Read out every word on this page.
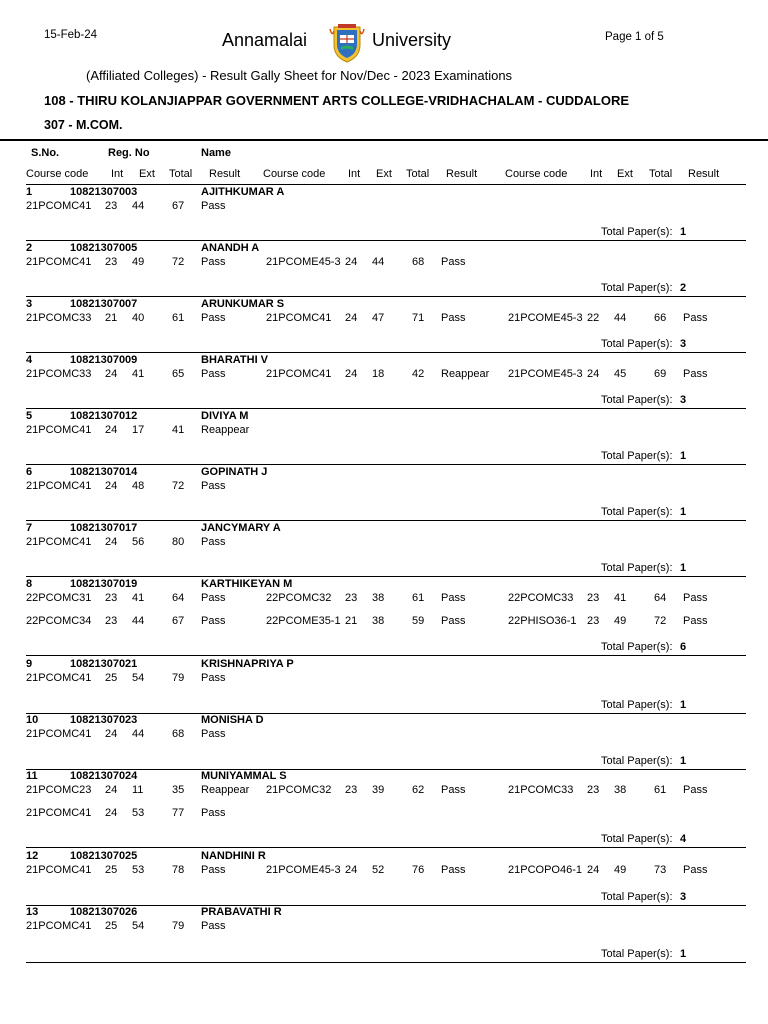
15-Feb-24	Annamalai	University	Page 1 of 5
(Affiliated Colleges) - Result Gally Sheet for Nov/Dec - 2023 Examinations
108 - THIRU KOLANJIAPPAR GOVERNMENT ARTS COLLEGE-VRIDHACHALAM - CUDDALORE
307 - M.COM.
S.No.	Reg. No	Name
Course code Int Ext Total Result Course code Int Ext Total Result	Course code Int Ext Total Result
1	10821307003	AJITHKUMAR A
21PCOMC41 23 44	67 Pass
Total Paper(s): 1
2	10821307005	ANANDH A
21PCOMC41 23 49	72 Pass	21PCOME45-3 24 44	68 Pass
Total Paper(s): 2
3	10821307007	ARUNKUMAR S
21PCOMC33 21 40	61 Pass	21PCOMC41 24 47	71 Pass	21PCOME45-3 22 44	66 Pass
Total Paper(s): 3
4	10821307009	BHARATHI V
21PCOMC33 24 41	65 Pass	21PCOMC41 24 18	42 Reappear 21PCOME45-3 24 45	69 Pass
Total Paper(s): 3
5	10821307012	DIVIYA M
21PCOMC41 24 17	41 Reappear
Total Paper(s): 1
6	10821307014	GOPINATH J
21PCOMC41 24 48	72 Pass
Total Paper(s): 1
7	10821307017	JANCYMARY A
21PCOMC41 24 56	80 Pass
Total Paper(s): 1
8	10821307019	KARTHIKEYAN M
22PCOMC31 23 41	64 Pass	22PCOMC32 23 38	61 Pass	22PCOMC33 23 41	64 Pass
22PCOMC34 23 44	67 Pass	22PCOME35-1 21 38	59 Pass	22PHISO36-1 23 49	72 Pass
Total Paper(s): 6
9	10821307021	KRISHNAPRIYA P
21PCOMC41 25 54	79 Pass
Total Paper(s): 1
10	10821307023	MONISHA D
21PCOMC41 24 44	68 Pass
Total Paper(s): 1
11	10821307024	MUNIYAMMAL S
21PCOMC23 24 11	35 Reappear 21PCOMC32 23 39	62 Pass	21PCOMC33 23 38	61 Pass
21PCOMC41 24 53	77 Pass
Total Paper(s): 4
12	10821307025	NANDHINI R
21PCOMC41 25 53	78 Pass	21PCOME45-3 24 52	76 Pass	21PCOPO46-1 24 49	73 Pass
Total Paper(s): 3
13	10821307026	PRABAVATHI R
21PCOMC41 25 54	79 Pass
Total Paper(s): 1
